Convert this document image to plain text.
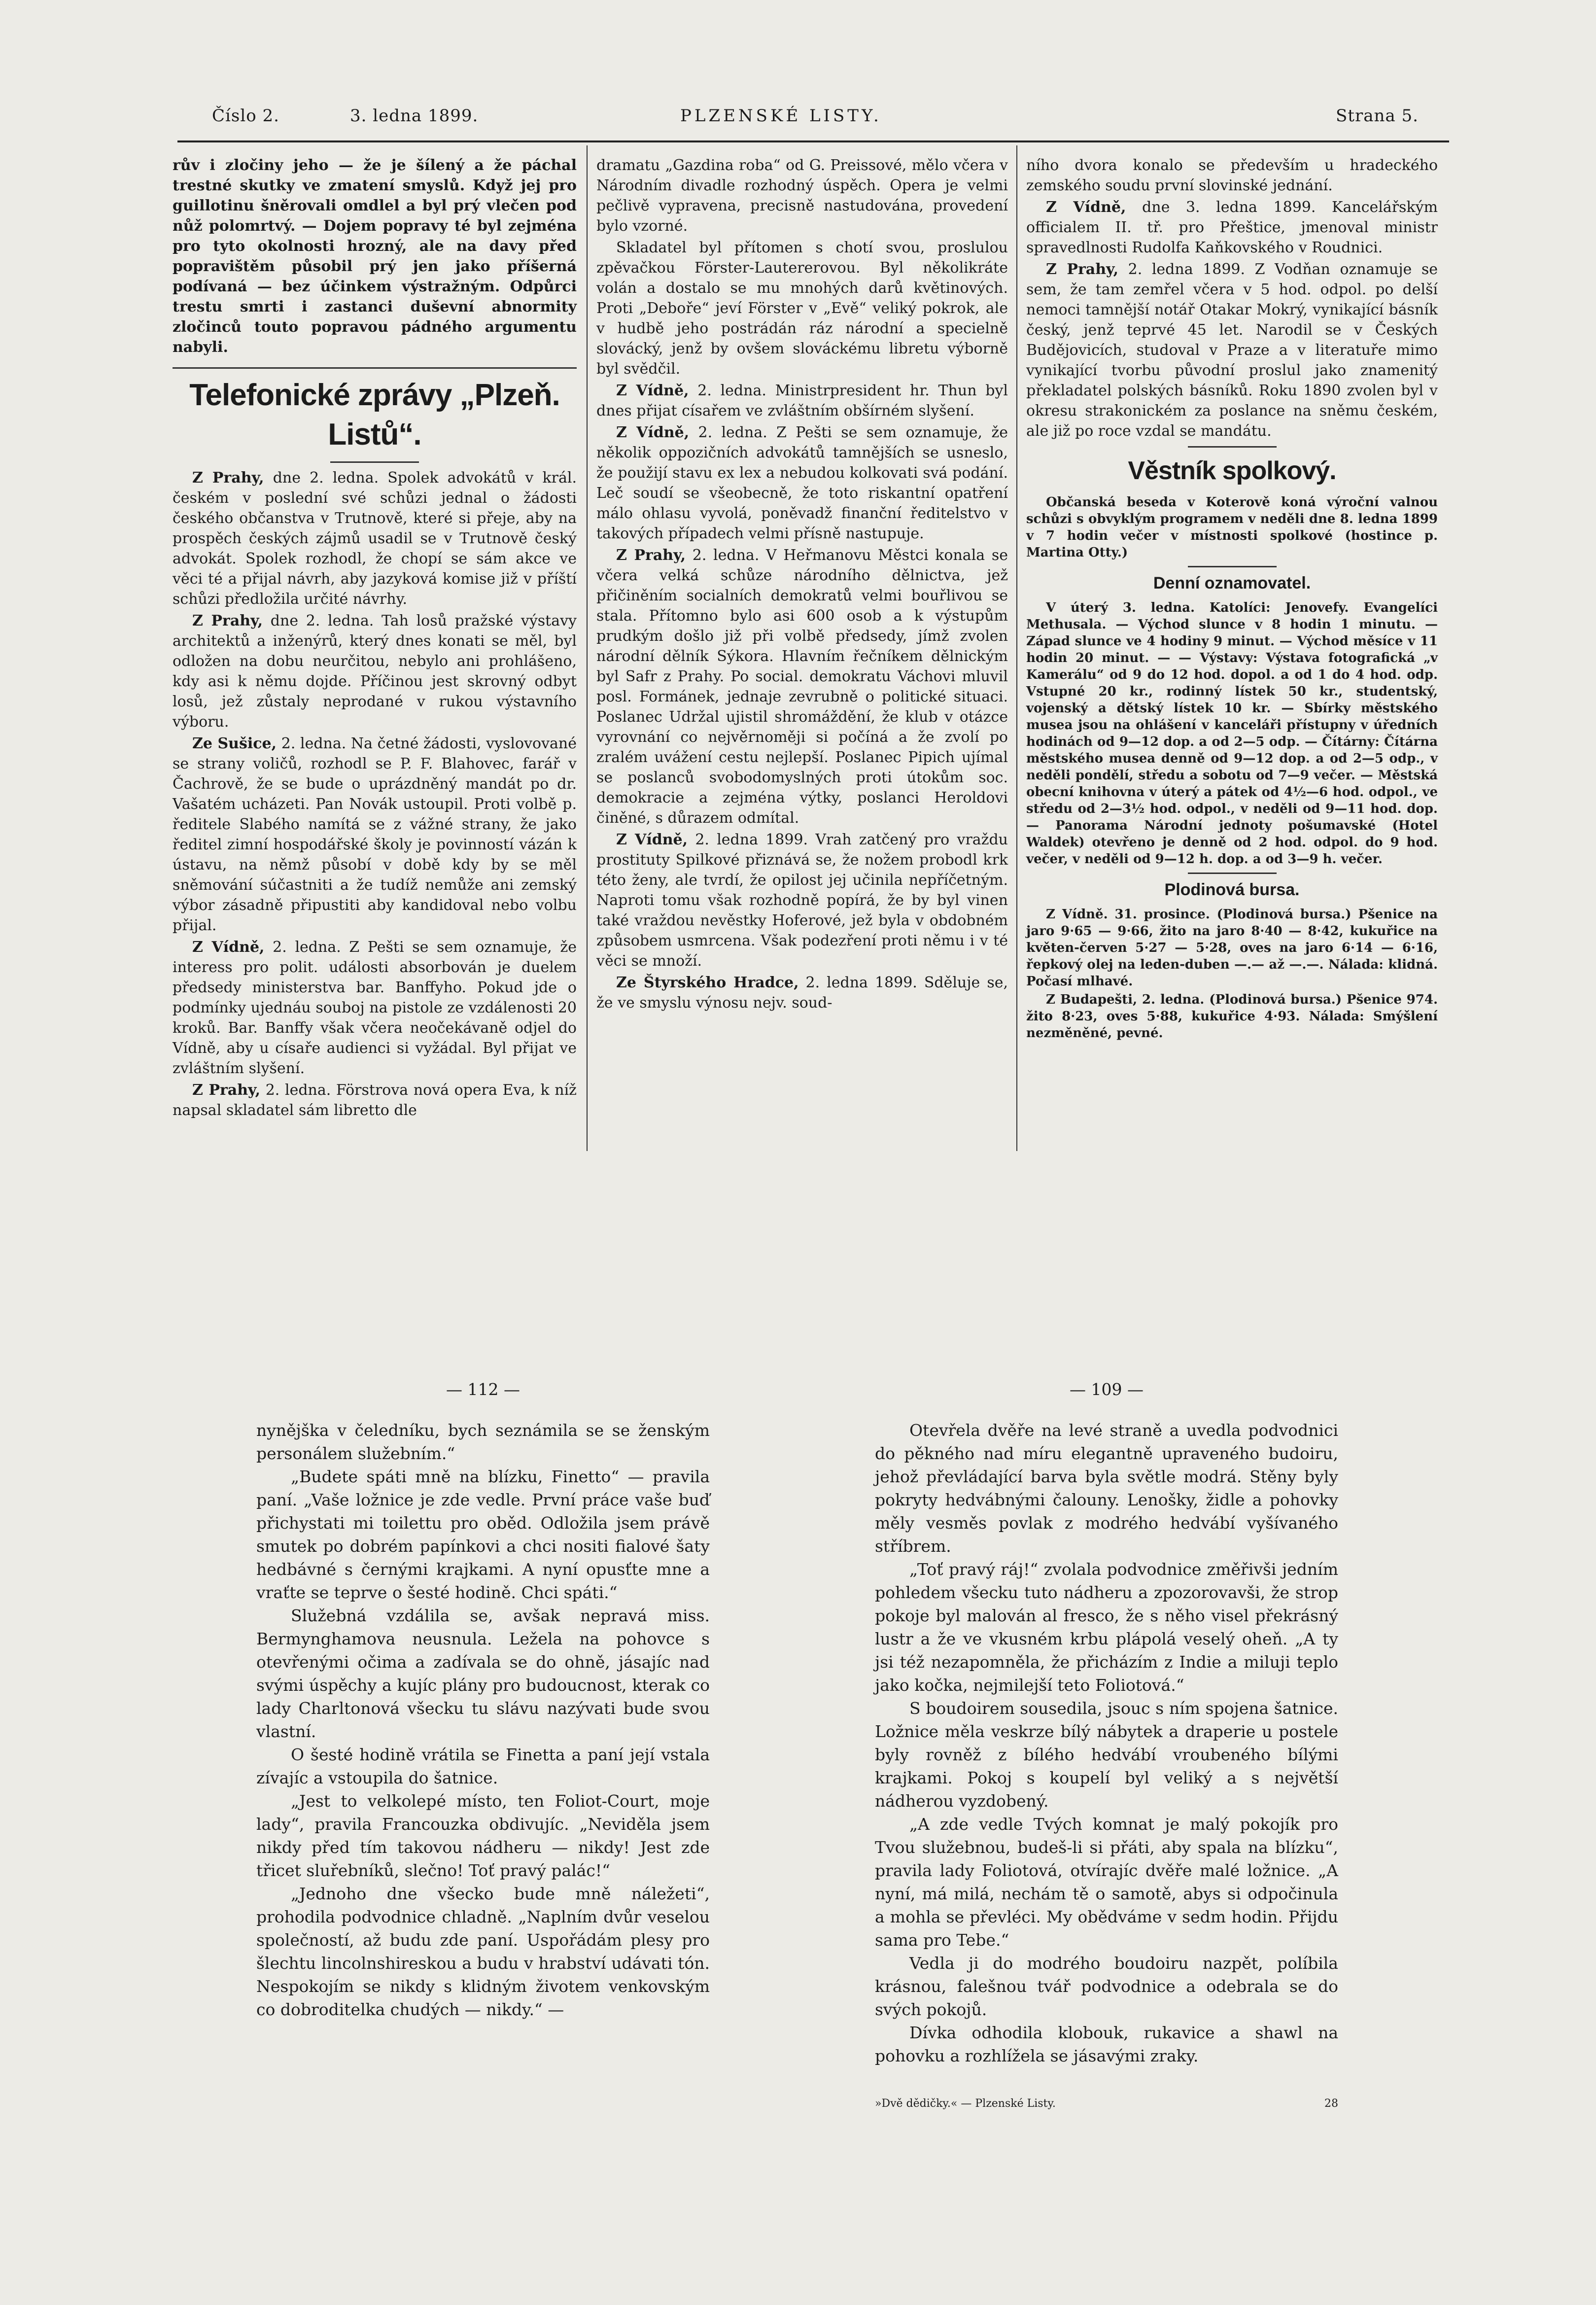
Číslo 2.	3. ledna 1899.	PLZENSKÉ LISTY.	Strana 5.

rův i zločiny jeho — že je šílený a že páchal trestné skutky ve zmatení smyslů. Když jej pro guillotinu šněrovali omdlel a byl prý vlečen pod nůž polomrtvý. — Dojem popravy té byl zejména pro tyto okolnosti hrozný, ale na davy před popravištěm působil prý jen jako příšerná podívaná — bez účinkem výstražným. Odpůrci trestu smrti i zastanci duševní abnormity zločinců touto popravou pádného argumentu nabyli.

Telefonické zprávy „Plzeň. Listů“.

Z Prahy, dne 2. ledna. Spolek advokátů v král. českém v poslední své schůzi jednal o žádosti českého občanstva v Trutnově, které si přeje, aby na prospěch českých zájmů usadil se v Trutnově český advokát. Spolek rozhodl, že chopí se sám akce ve věci té a přijal návrh, aby jazyková komise již v příští schůzi předložila určité návrhy.

Z Prahy, dne 2. ledna. Tah losů pražské výstavy architektů a inženýrů, který dnes konati se měl, byl odložen na dobu neurčitou, nebylo ani prohlášeno, kdy asi k němu dojde. Příčinou jest skrovný odbyt losů, jež zůstaly neprodané v rukou výstavního výboru.

Ze Sušice, 2. ledna. Na četné žádosti, vyslovované se strany voličů, rozhodl se P. F. Blahovec, farář v Čachrově, že se bude o uprázdněný mandát po dr. Vašatém ucházeti. Pan Novák ustoupil. Proti volbě p. ředitele Slabého namítá se z vážné strany, že jako ředitel zimní hospodářské školy je povinností vázán k ústavu, na němž působí v době kdy by se měl sněmování súčastniti a že tudíž nemůže ani zemský výbor zásadně připustiti aby kandidoval nebo volbu přijal.

Z Vídně, 2. ledna. Z Pešti se sem oznamuje, že interess pro polit. události absorbován je duelem předsedy ministerstva bar. Banffyho. Pokud jde o podmínky ujednáu souboj na pistole ze vzdálenosti 20 kroků. Bar. Banffy však včera neočekávaně odjel do Vídně, aby u císaře audienci si vyžádal. Byl přijat ve zvláštním slyšení.

Z Prahy, 2. ledna. Förstrova nová opera Eva, k níž napsal skladatel sám libretto dle

dramatu „Gazdina roba“ od G. Preissové, mělo včera v Národním divadle rozhodný úspěch. Opera je velmi pečlivě vypravena, precisně nastudována, provedení bylo vzorné.

Skladatel byl přítomen s chotí svou, proslulou zpěvačkou Förster-Lautererovou. Byl několikráte volán a dostalo se mu mnohých darů květinových. Proti „Deboře“ jeví Förster v „Evě“ veliký pokrok, ale v hudbě jeho postrádán ráz národní a specielně slovácký, jenž by ovšem slováckému libretu výborně byl svědčil.

Z Vídně, 2. ledna. Ministrpresident hr. Thun byl dnes přijat císařem ve zvláštním obšírném slyšení.

Z Vídně, 2. ledna. Z Pešti se sem oznamuje, že několik oppozičních advokátů tamnějších se usneslo, že použijí stavu ex lex a nebudou kolkovati svá podání. Leč soudí se všeobecně, že toto riskantní opatření málo ohlasu vyvolá, poněvadž finanční ředitelstvo v takových případech velmi přísně nastupuje.

Z Prahy, 2. ledna. V Heřmanovu Městci konala se včera velká schůze národního dělnictva, jež přičiněním socialních demokratů velmi bouřlivou se stala. Přítomno bylo asi 600 osob a k výstupům prudkým došlo již při volbě předsedy, jímž zvolen národní dělník Sýkora. Hlavním řečníkem dělnickým byl Safr z Prahy. Po social. demokratu Váchovi mluvil posl. Formánek, jednaje zevrubně o politické situaci. Poslanec Udržal ujistil shromáždění, že klub v otázce vyrovnání co nejvěrnoměji si počíná a že zvolí po zralém uvážení cestu nejlepší. Poslanec Pipich ujímal se poslanců svobodomyslných proti útokům soc. demokracie a zejména výtky, poslanci Heroldovi činěné, s důrazem odmítal.

Z Vídně, 2. ledna 1899. Vrah zatčený pro vraždu prostituty Spilkové přiznává se, že nožem probodl krk této ženy, ale tvrdí, že opilost jej učinila nepříčetným. Naproti tomu však rozhodně popírá, že by byl vinen také vraždou nevěstky Hoferové, jež byla v obdobném způsobem usmrcena. Však podezření proti němu i v té věci se množí.

Ze Štyrského Hradce, 2. ledna 1899. Sděluje se, že ve smyslu výnosu nejv. soud-

ního dvora konalo se především u hradeckého zemského soudu první slovinské jednání.

Z Vídně, dne 3. ledna 1899. Kancelářským officialem II. tř. pro Přeštice, jmenoval ministr spravedlnosti Rudolfa Kaňkovského v Roudnici.

Z Prahy, 2. ledna 1899. Z Vodňan oznamuje se sem, že tam zemřel včera v 5 hod. odpol. po delší nemoci tamnější notář Otakar Mokrý, vynikající básník český, jenž teprvé 45 let. Narodil se v Českých Budějovicích, studoval v Praze a v literatuře mimo vynikající tvorbu původní proslul jako znamenitý překladatel polských básníků. Roku 1890 zvolen byl v okresu strakonickém za poslance na sněmu českém, ale již po roce vzdal se mandátu.

Věstník spolkový.

Občanská beseda v Koterově koná výroční valnou schůzi s obvyklým programem v neděli dne 8. ledna 1899 v 7 hodin večer v místnosti spolkové (hostince p. Martina Otty.)

Denní oznamovatel.

V úterý 3. ledna. Katolíci: Jenovefy. Evangelíci Methusala. — Východ slunce v 8 hodin 1 minutu. — Západ slunce ve 4 hodiny 9 minut. — Východ měsíce v 11 hodin 20 minut. — — Výstavy: Výstava fotografická „v Kamerálu“ od 9 do 12 hod. dopol. a od 1 do 4 hod. odp. Vstupné 20 kr., rodinný lístek 50 kr., studentský, vojenský a dětský lístek 10 kr. — Sbírky městského musea jsou na ohlášení v kanceláři přístupny v úředních hodinách od 9—12 dop. a od 2—5 odp. — Čítárny: Čítárna městského musea denně od 9—12 dop. a od 2—5 odp., v neděli pondělí, středu a sobotu od 7—9 večer. — Městská obecní knihovna v úterý a pátek od 4½—6 hod. odpol., ve středu od 2—3½ hod. odpol., v neděli od 9—11 hod. dop. — Panorama Národní jednoty pošumavské (Hotel Waldek) otevřeno je denně od 2 hod. odpol. do 9 hod. večer, v neděli od 9—12 h. dop. a od 3—9 h. večer.

Plodinová bursa.

Z Vídně. 31. prosince. (Plodinová bursa.) Pšenice na jaro 9·65 — 9·66, žito na jaro 8·40 — 8·42, kukuřice na květen-červen 5·27 — 5·28, oves na jaro 6·14 — 6·16, řepkový olej na leden-duben —.— až —.—. Nálada: klidná. Počasí mlhavé.

Z Budapešti, 2. ledna. (Plodinová bursa.) Pšenice 974. žito 8·23, oves 5·88, kukuřice 4·93. Nálada: Smýšlení nezměněné, pevné.

— 112 —

nynějška v čeledníku, bych seznámila se se ženským personálem služebním.“

„Budete spáti mně na blízku, Finetto“ — pravila paní. „Vaše ložnice je zde vedle. První práce vaše buď přichystati mi toilettu pro oběd. Odložila jsem právě smutek po dobrém papínkovi a chci nositi fialové šaty hedbávné s černými krajkami. A nyní opusťte mne a vraťte se teprve o šesté hodině. Chci spáti.“

Služebná vzdálila se, avšak nepravá miss. Bermynghamova neusnula. Ležela na pohovce s otevřenými očima a zadívala se do ohně, jásajíc nad svými úspěchy a kujíc plány pro budoucnost, kterak co lady Charltonová všecku tu slávu nazývati bude svou vlastní.

O šesté hodině vrátila se Finetta a paní její vstala zívajíc a vstoupila do šatnice.

„Jest to velkolepé místo, ten Foliot-Court, moje lady“, pravila Francouzka obdivujíc. „Neviděla jsem nikdy před tím takovou nádheru — nikdy! Jest zde třicet sluřebníků, slečno! Toť pravý palác!“

„Jednoho dne všecko bude mně náležeti“, prohodila podvodnice chladně. „Naplním dvůr veselou společností, až budu zde paní. Uspořádám plesy pro šlechtu lincolnshireskou a budu v hrabství udávati tón. Nespokojím se nikdy s klidným životem venkovským co dobroditelka chudých — nikdy.“ —

— 109 —

Otevřela dvěře na levé straně a uvedla podvodnici do pěkného nad míru elegantně upraveného budoiru, jehož převládající barva byla světle modrá. Stěny byly pokryty hedvábnými čalouny. Lenošky, židle a pohovky měly vesměs povlak z modrého hedvábí vyšívaného stříbrem.

„Toť pravý ráj!“ zvolala podvodnice změřivši jedním pohledem všecku tuto nádheru a zpozorovavši, že strop pokoje byl malován al fresco, že s něho visel překrásný lustr a že ve vkusném krbu plápolá veselý oheň. „A ty jsi též nezapomněla, že přicházím z Indie a miluji teplo jako kočka, nejmilejší teto Foliotová.“

S boudoirem sousedila, jsouc s ním spojena šatnice. Ložnice měla veskrze bílý nábytek a draperie u postele byly rovněž z bílého hedvábí vroubeného bílými krajkami. Pokoj s koupelí byl veliký a s největší nádherou vyzdobený.

„A zde vedle Tvých komnat je malý pokojík pro Tvou služebnou, budeš-li si přáti, aby spala na blízku“, pravila lady Foliotová, otvírajíc dvěře malé ložnice. „A nyní, má milá, nechám tě o samotě, abys si odpočinula a mohla se převléci. My obědváme v sedm hodin. Přijdu sama pro Tebe.“

Vedla ji do modrého boudoiru nazpět, políbila krásnou, falešnou tvář podvodnice a odebrala se do svých pokojů.

Dívka odhodila klobouk, rukavice a shawl na pohovku a rozhlížela se jásavými zraky.

»Dvě dědičky.« — Plzenské Listy.	28
